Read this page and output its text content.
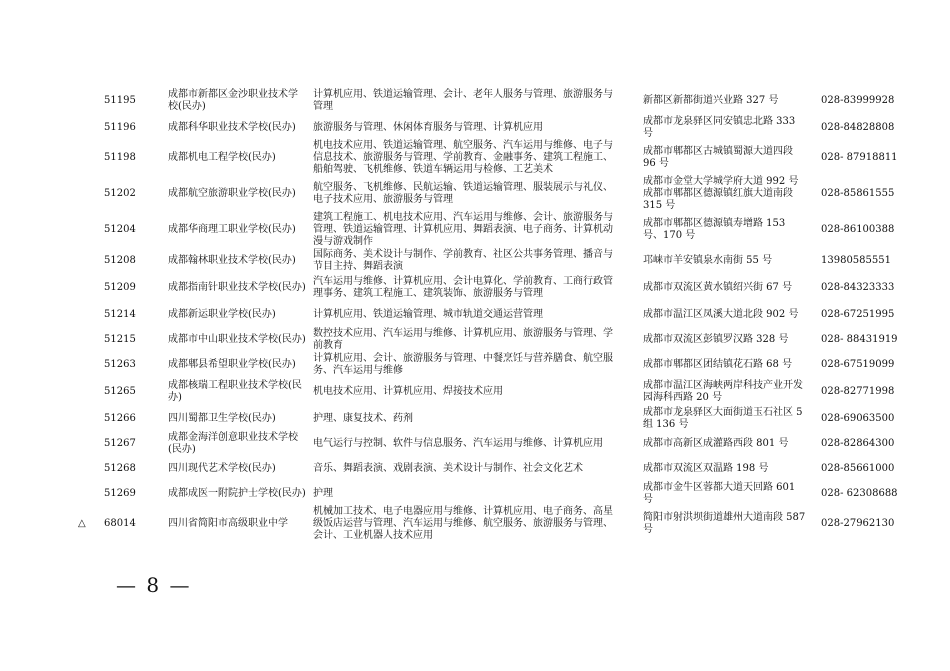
	51195	成都市新都区金沙职业技术学校(民办)	计算机应用、铁道运输管理、会计、老年人服务与管理、旅游服务与管理	新都区新都街道兴业路 327 号	028-83999928
	51196	成都科华职业技术学校(民办)	旅游服务与管理、休闲体育服务与管理、计算机应用	成都市龙泉驿区同安镇忠北路 333 号	028-84828808
	51198	成都机电工程学校(民办)	机电技术应用、铁道运输管理、航空服务、汽车运用与维修、电子与信息技术、旅游服务与管理、学前教育、金融事务、建筑工程施工、船舶驾驶、飞机维修、铁道车辆运用与检修、工艺美术	成都市郫都区古城镇蜀源大道四段 96 号	028- 87918811
	51202	成都航空旅游职业学校(民办)	航空服务、飞机维修、民航运输、铁道运输管理、服装展示与礼仪、电子技术应用、旅游服务与管理	成都市金堂大学城学府大道 992 号成都市郫都区德源镇红旗大道南段 315 号	028-85861555
	51204	成都华商理工职业学校(民办)	建筑工程施工、机电技术应用、汽车运用与维修、会计、旅游服务与管理、铁道运输管理、计算机应用、舞蹈表演、电子商务、计算机动漫与游戏制作	成都市郫都区德源镇寿增路 153 号、170 号	028-86100388
	51208	成都翰林职业技术学校(民办)	国际商务、美术设计与制作、学前教育、社区公共事务管理、播音与节目主持、舞蹈表演	邛崃市羊安镇泉水南街 55 号	13980585551
	51209	成都指南针职业技术学校(民办)	汽车运用与维修、计算机应用、会计电算化、学前教育、工商行政管理事务、建筑工程施工、建筑装饰、旅游服务与管理	成都市双流区黄水镇绍兴街 67 号	028-84323333
	51214	成都新运职业学校(民办)	计算机应用、铁道运输管理、城市轨道交通运营管理	成都市温江区凤溪大道北段 902 号	028-67251995
	51215	成都市中山职业技术学校(民办)	数控技术应用、汽车运用与维修、计算机应用、旅游服务与管理、学前教育	成都市双流区彭镇罗汉路 328 号	028- 88431919
	51263	成都郫县希望职业学校(民办)	计算机应用、会计、旅游服务与管理、中餐烹饪与营养膳食、航空服务、汽车运用与维修	成都市郫都区团结镇花石路 68 号	028-67519099
	51265	成都核瑞工程职业技术学校(民办)	机电技术应用、计算机应用、焊接技术应用	成都市温江区海峡两岸科技产业开发园海科西路 20 号	028-82771998
	51266	四川蜀都卫生学校(民办)	护理、康复技术、药剂	成都市龙泉驿区大面街道玉石社区 5 组 136 号	028-69063500
	51267	成都金海洋创意职业技术学校(民办)	电气运行与控制、软件与信息服务、汽车运用与维修、计算机应用	成都市高新区成灌路西段 801 号	028-82864300
	51268	四川现代艺术学校(民办)	音乐、舞蹈表演、戏剧表演、美术设计与制作、社会文化艺术	成都市双流区双温路 198 号	028-85661000
	51269	成都成医一附院护士学校(民办)	护理	成都市金牛区蓉都大道天回路 601 号	028- 62308688
△	68014	四川省简阳市高级职业中学	机械加工技术、电子电器应用与维修、计算机应用、电子商务、高星级饭店运营与管理、汽车运用与维修、航空服务、旅游服务与管理、会计、工业机器人技术应用	简阳市射洪坝街道雄州大道南段 587 号	028-27962130
— 8 —
